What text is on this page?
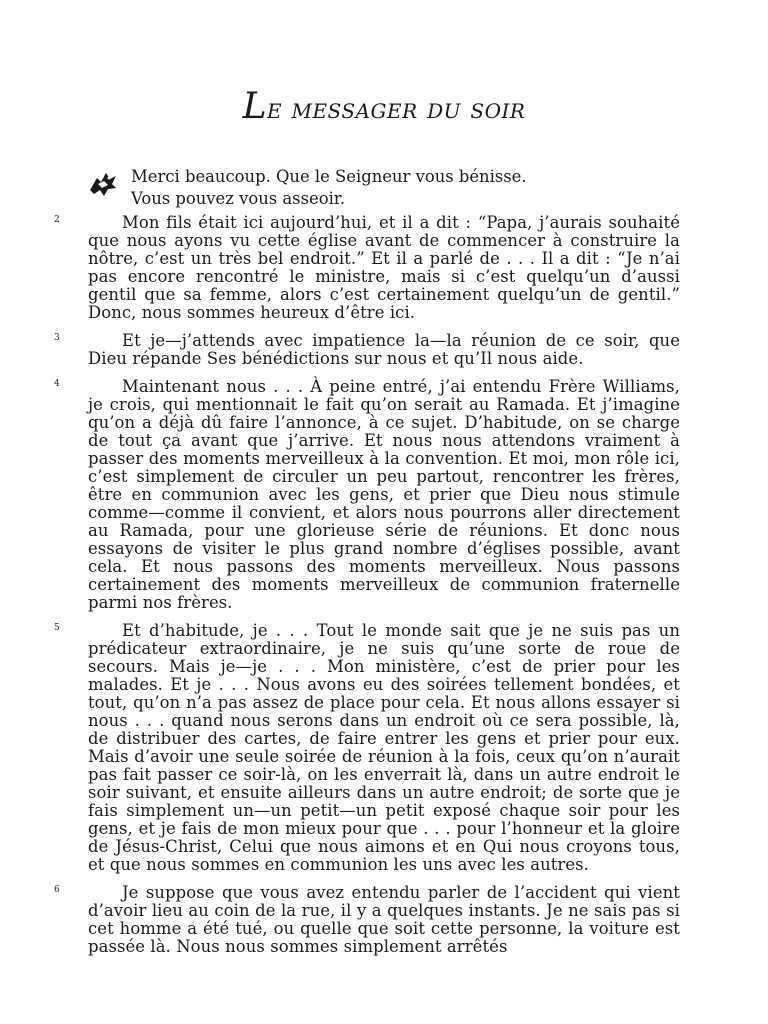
Le messager du soir

Merci beaucoup. Que le Seigneur vous bénisse.

Vous pouvez vous asseoir.

2	Mon fils était ici aujourd’hui, et il a dit : “Papa, j’aurais souhaité que nous ayons vu cette église avant de commencer à construire la nôtre, c’est un très bel endroit.” Et il a parlé de . . . Il a dit : “Je n’ai pas encore rencontré le ministre, mais si c’est quelqu’un d’aussi gentil que sa femme, alors c’est certainement quelqu’un de gentil.” Donc, nous sommes heureux d’être ici.

3	Et je—j’attends avec impatience la—la réunion de ce soir, que Dieu répande Ses bénédictions sur nous et qu’Il nous aide.

4	Maintenant nous . . . À peine entré, j’ai entendu Frère Williams, je crois, qui mentionnait le fait qu’on serait au Ramada. Et j’imagine qu’on a déjà dû faire l’annonce, à ce sujet. D’habitude, on se charge de tout ça avant que j’arrive. Et nous nous attendons vraiment à passer des moments merveilleux à la convention. Et moi, mon rôle ici, c’est simplement de circuler un peu partout, rencontrer les frères, être en communion avec les gens, et prier que Dieu nous stimule comme—comme il convient, et alors nous pourrons aller directement au Ramada, pour une glorieuse série de réunions. Et donc nous essayons de visiter le plus grand nombre d’églises possible, avant cela. Et nous passons des moments merveilleux. Nous passons certainement des moments merveilleux de communion fraternelle parmi nos frères.

5	Et d’habitude, je . . . Tout le monde sait que je ne suis pas un prédicateur extraordinaire, je ne suis qu’une sorte de roue de secours. Mais je—je . . . Mon ministère, c’est de prier pour les malades. Et je . . . Nous avons eu des soirées tellement bondées, et tout, qu’on n’a pas assez de place pour cela. Et nous allons essayer si nous . . . quand nous serons dans un endroit où ce sera possible, là, de distribuer des cartes, de faire entrer les gens et prier pour eux. Mais d’avoir une seule soirée de réunion à la fois, ceux qu’on n’aurait pas fait passer ce soir-là, on les enverrait là, dans un autre endroit le soir suivant, et ensuite ailleurs dans un autre endroit; de sorte que je fais simplement un—un petit—un petit exposé chaque soir pour les gens, et je fais de mon mieux pour que . . . pour l’honneur et la gloire de Jésus-Christ, Celui que nous aimons et en Qui nous croyons tous, et que nous sommes en communion les uns avec les autres.

6	Je suppose que vous avez entendu parler de l’accident qui vient d’avoir lieu au coin de la rue, il y a quelques instants. Je ne sais pas si cet homme a été tué, ou quelle que soit cette personne, la voiture est passée là. Nous nous sommes simplement arrêtés
